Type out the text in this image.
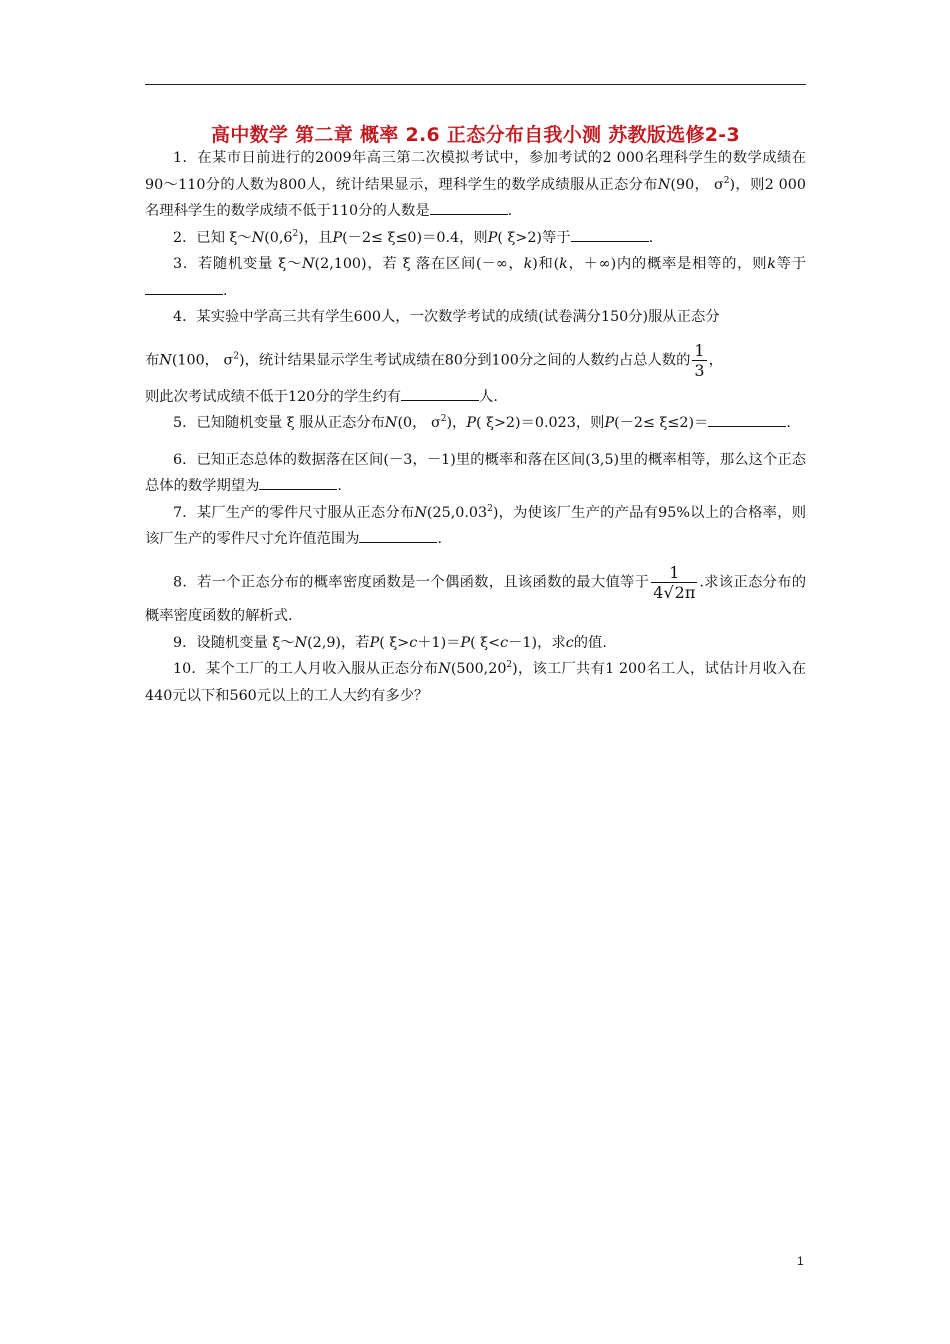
高中数学 第二章 概率 2.6 正态分布自我小测 苏教版选修2-3

1．在某市日前进行的2009年高三第二次模拟考试中，参加考试的2 000名理科学生的数学成绩在90～110分的人数为800人，统计结果显示，理科学生的数学成绩服从正态分布N(90， $\sigma^2$)，则2 000名理科学生的数学成绩不低于110分的人数是	.

2．已知 $\xi\sim N(0,6^2)$，且P(－2≤ ξ≤0)＝0.4，则P( ξ>2)等于	.

3．若随机变量 ξ～N(2,100)，若 ξ 落在区间(－∞，k)和(k，＋∞)内的概率是相等的，则k等于.

4．某实验中学高三共有学生600人，一次数学考试的成绩(试卷满分150分)服从正态分

布N(100， $\sigma^2$)，统计结果显示学生考试成绩在80分到100分之间的人数约占总人数的 $\frac{1}{3}$ ，

则此次考试成绩不低于120分的学生约有	人.

5．已知随机变量 ξ 服从正态分布N(0， $\sigma^2$)，P( ξ>2)＝0.023，则P(－2≤ ξ≤2)＝	.

6．已知正态总体的数据落在区间(－3，－1)里的概率和落在区间(3,5)里的概率相等，那么这个正态总体的数学期望为	.

7．某厂生产的零件尺寸服从正态分布N(25,0.03$^2$)，为使该厂生产的产品有95%以上的合格率，则该厂生产的零件尺寸允许值范围为	.

8．若一个正态分布的概率密度函数是一个偶函数，且该函数的最大值等于 $\frac{1}{4√2\pi}$ .求该正态分布的概率密度函数的解析式.

9．设随机变量 ξ～N(2,9)，若P( ξ>c＋1)＝P( ξ<c－1)，求c的值.

10．某个工厂的工人月收入服从正态分布N(500,20$^2$)，该工厂共有1 200名工人，试估计月收入在440元以下和560元以上的工人大约有多少？

1
